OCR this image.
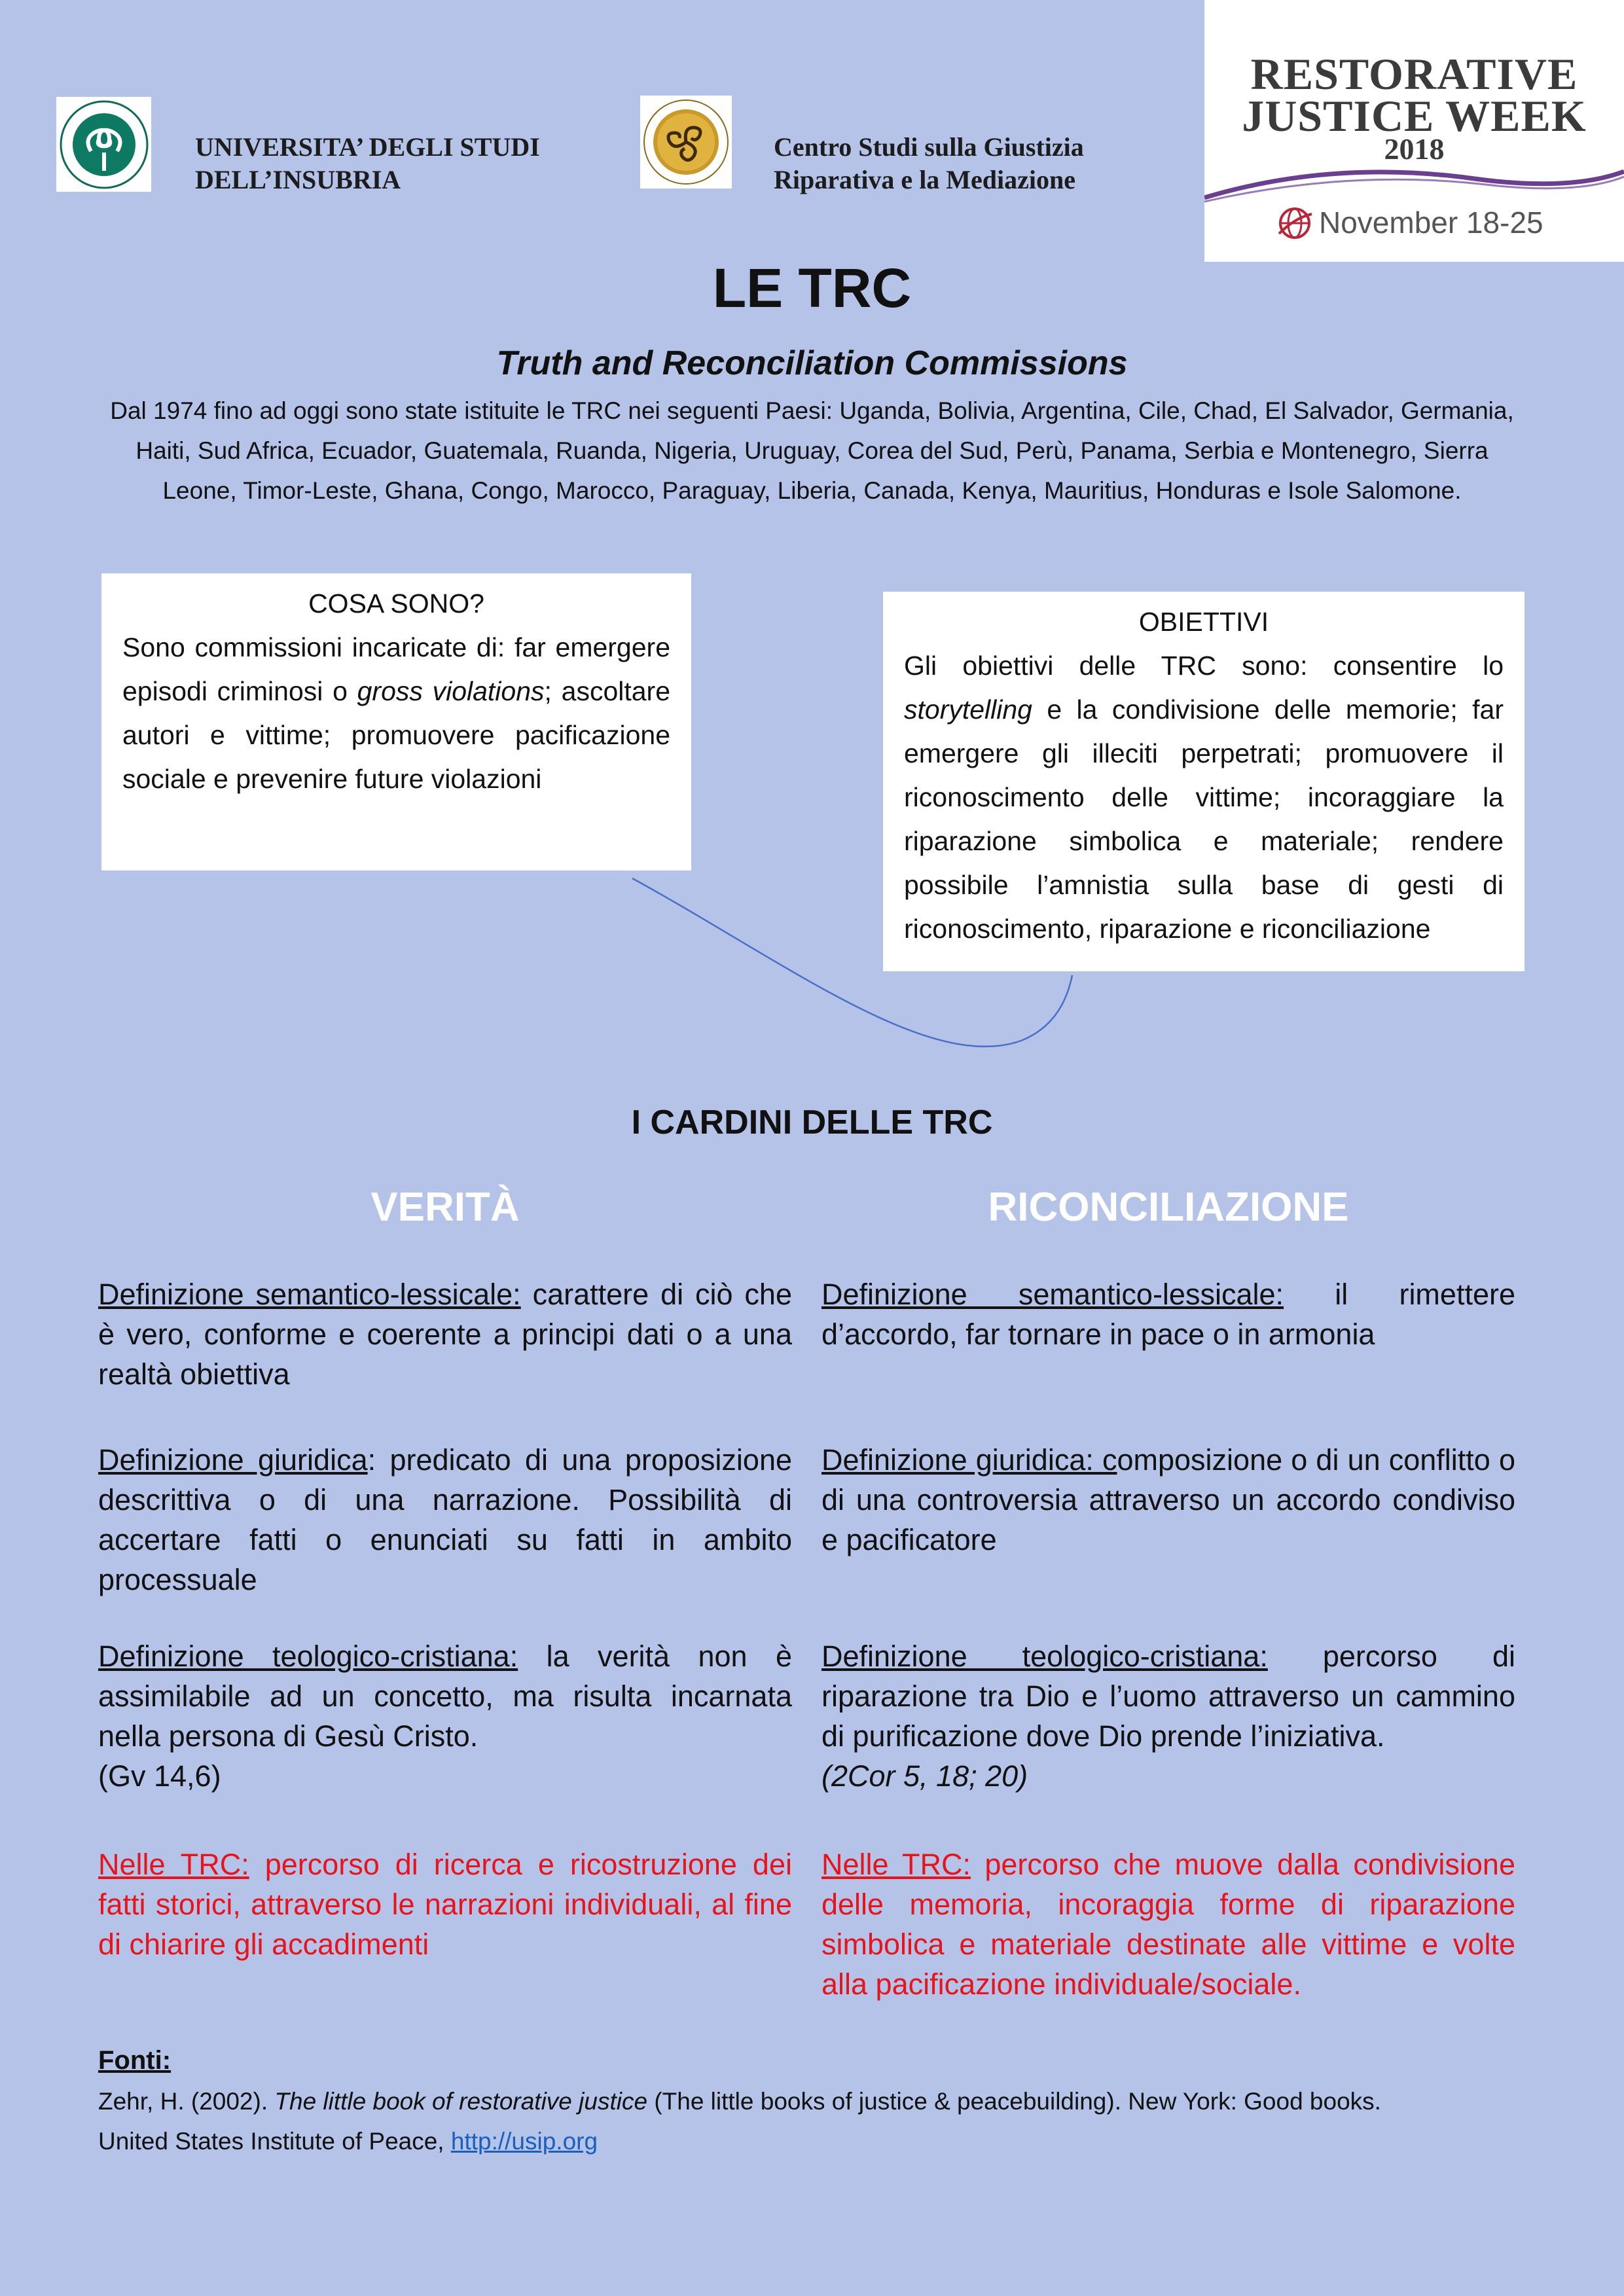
UNIVERSITA’ DEGLI STUDI
DELL’INSUBRIA
Centro Studi sulla Giustizia
Riparativa e la Mediazione
RESTORATIVE
JUSTICE WEEK
2018
November 18-25
LE TRC
Truth and Reconciliation Commissions
Dal 1974 fino ad oggi sono state istituite le TRC nei seguenti Paesi: Uganda, Bolivia, Argentina, Cile, Chad, El Salvador, Germania, Haiti, Sud Africa, Ecuador, Guatemala, Ruanda, Nigeria, Uruguay, Corea del Sud, Perù, Panama, Serbia e Montenegro, Sierra Leone, Timor-Leste, Ghana, Congo, Marocco, Paraguay, Liberia, Canada, Kenya, Mauritius, Honduras e Isole Salomone.
COSA SONO?
Sono commissioni incaricate di: far emergere episodi criminosi o gross violations; ascoltare autori e vittime; promuovere pacificazione sociale e prevenire future violazioni
OBIETTIVI
Gli obiettivi delle TRC sono: consentire lo storytelling e la condivisione delle memorie; far emergere gli illeciti perpetrati; promuovere il riconoscimento delle vittime; incoraggiare la riparazione simbolica e materiale; rendere possibile l’amnistia sulla base di gesti di riconoscimento, riparazione e riconciliazione
I CARDINI DELLE TRC
VERITÀ	RICONCILIAZIONE
Definizione semantico-lessicale: carattere di ciò che è vero, conforme e coerente a principi dati o a una realtà obiettiva
Definizione giuridica: predicato di una proposizione descrittiva o di una narrazione. Possibilità di accertare fatti o enunciati su fatti in ambito processuale
Definizione teologico-cristiana: la verità non è assimilabile ad un concetto, ma risulta incarnata nella persona di Gesù Cristo.
(Gv 14,6)
Nelle TRC: percorso di ricerca e ricostruzione dei fatti storici, attraverso le narrazioni individuali, al fine di chiarire gli accadimenti
Definizione semantico-lessicale: il rimettere d’accordo, far tornare in pace o in armonia
Definizione giuridica: composizione o di un conflitto o di una controversia attraverso un accordo condiviso e pacificatore
Definizione teologico-cristiana: percorso di riparazione tra Dio e l’uomo attraverso un cammino di purificazione dove Dio prende l’iniziativa.
(2Cor 5, 18; 20)
Nelle TRC: percorso che muove dalla condivisione delle memoria, incoraggia forme di riparazione simbolica e materiale destinate alle vittime e volte alla pacificazione individuale/sociale.
Fonti:
Zehr, H. (2002). The little book of restorative justice (The little books of justice & peacebuilding). New York: Good books.
United States Institute of Peace, http://usip.org
